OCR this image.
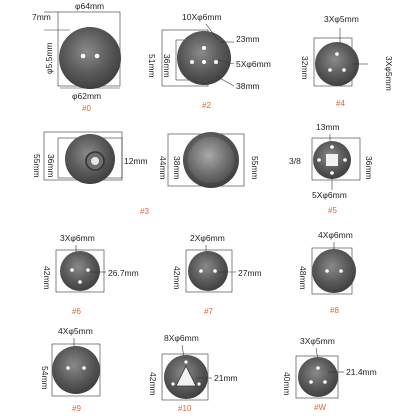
φ64mm
7mm
φ5.5mm
φ62mm
#0
10Xφ6mm
23mm
51mm 36mm	5Xφ6mm
38mm
#2
3Xφ5mm
3Xφ5mm
32mm
#4
55mm 36mm	12mm 44mm 38mm	55mm
#3
13mm
3/8	36mm
5Xφ6mm
#5
3Xφ6mm
42mm	26.7mm
#6
2Xφ6mm
42mm	27mm
#7
4Xφ6mm
48mm
#8
4Xφ5mm
54mm
#9
8Xφ6mm
42mm	21mm
#10
3Xφ5mm
40mm	21.4mm
#W
